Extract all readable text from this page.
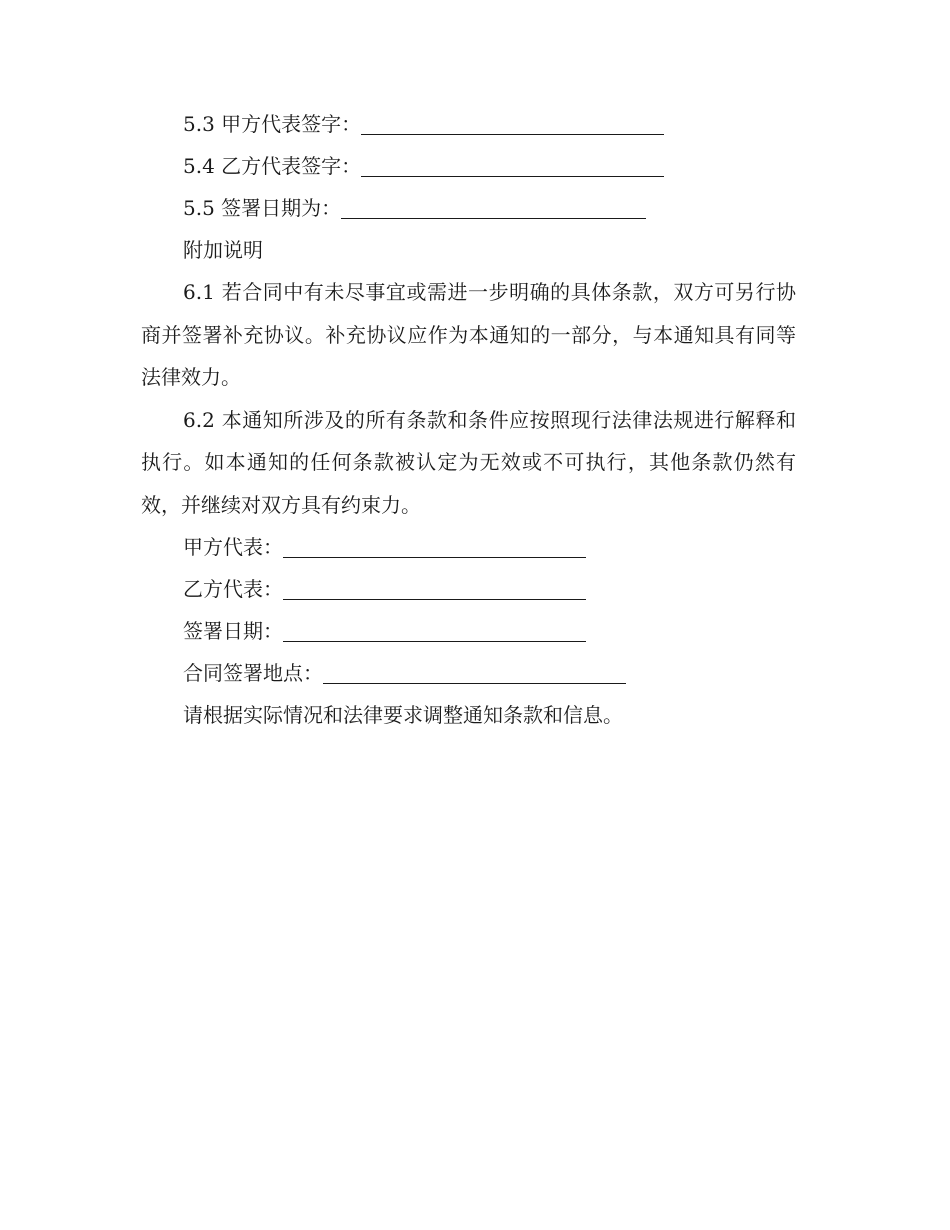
5.3 甲方代表签字：
5.4 乙方代表签字：
5.5 签署日期为：
附加说明

6.1 若合同中有未尽事宜或需进一步明确的具体条款，双方可另行协商并签署补充协议。补充协议应作为本通知的一部分，与本通知具有同等法律效力。

6.2 本通知所涉及的所有条款和条件应按照现行法律法规进行解释和执行。如本通知的任何条款被认定为无效或不可执行，其他条款仍然有效，并继续对双方具有约束力。

甲方代表：
乙方代表：
签署日期：
合同签署地点：
请根据实际情况和法律要求调整通知条款和信息。
